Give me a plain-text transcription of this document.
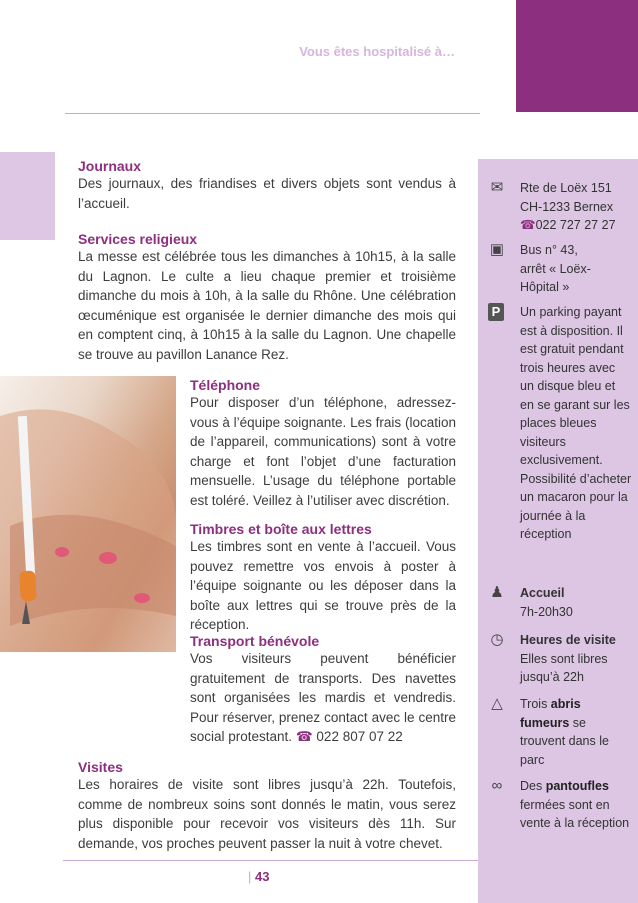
Vous êtes hospitalisé à…
Journaux

Des journaux, des friandises et divers objets sont vendus à l’accueil.

Services religieux

La messe est célébrée tous les dimanches à 10h15, à la salle du Lagnon. Le culte a lieu chaque premier et troisième dimanche du mois à 10h, à la salle du Rhône. Une célébration œcuménique est organisée le dernier dimanche des mois qui en comptent cinq, à 10h15 à la salle du Lagnon. Une chapelle se trouve au pavillon Lanance Rez.

Téléphone

Pour disposer d’un téléphone, adressez-vous à l’équipe soignante. Les frais (location de l’appareil, communications) sont à votre charge et font l’objet d’une facturation mensuelle. L’usage du téléphone portable est toléré. Veillez à l’utiliser avec discrétion.

Timbres et boîte aux lettres

Les timbres sont en vente à l’accueil. Vous pouvez remettre vos envois à poster à l’équipe soignante ou les déposer dans la boîte aux lettres qui se trouve près de la réception.

Transport bénévole

Vos visiteurs peuvent bénéficier gratuitement de transports. Des navettes sont organisées les mardis et vendredis. Pour réserver, prenez contact avec le centre social protestant. ☎ 022 807 07 22

Visites

Les horaires de visite sont libres jusqu’à 22h. Toutefois, comme de nombreux soins sont donnés le matin, vous serez plus disponible pour recevoir vos visiteurs dès 11h. Sur demande, vos proches peuvent passer la nuit à votre chevet.

✉ Rte de Loëx 151
CH-1233 Bernex
☎022 727 27 27
▣ Bus n° 43,
arrêt « Loëx-
Hôpital »
P Un parking payant est à disposition. Il est gratuit pendant trois heures avec un disque bleu et en se garant sur les places bleues visiteurs exclusivement. Possibilité d’acheter un macaron pour la journée à la réception
♟ Accueil
7h-20h30
◷ Heures de visite
Elles sont libres jusqu’à 22h
△ Trois abris fumeurs se trouvent dans le parc
∞ Des pantoufles fermées sont en vente à la réception
| 43
